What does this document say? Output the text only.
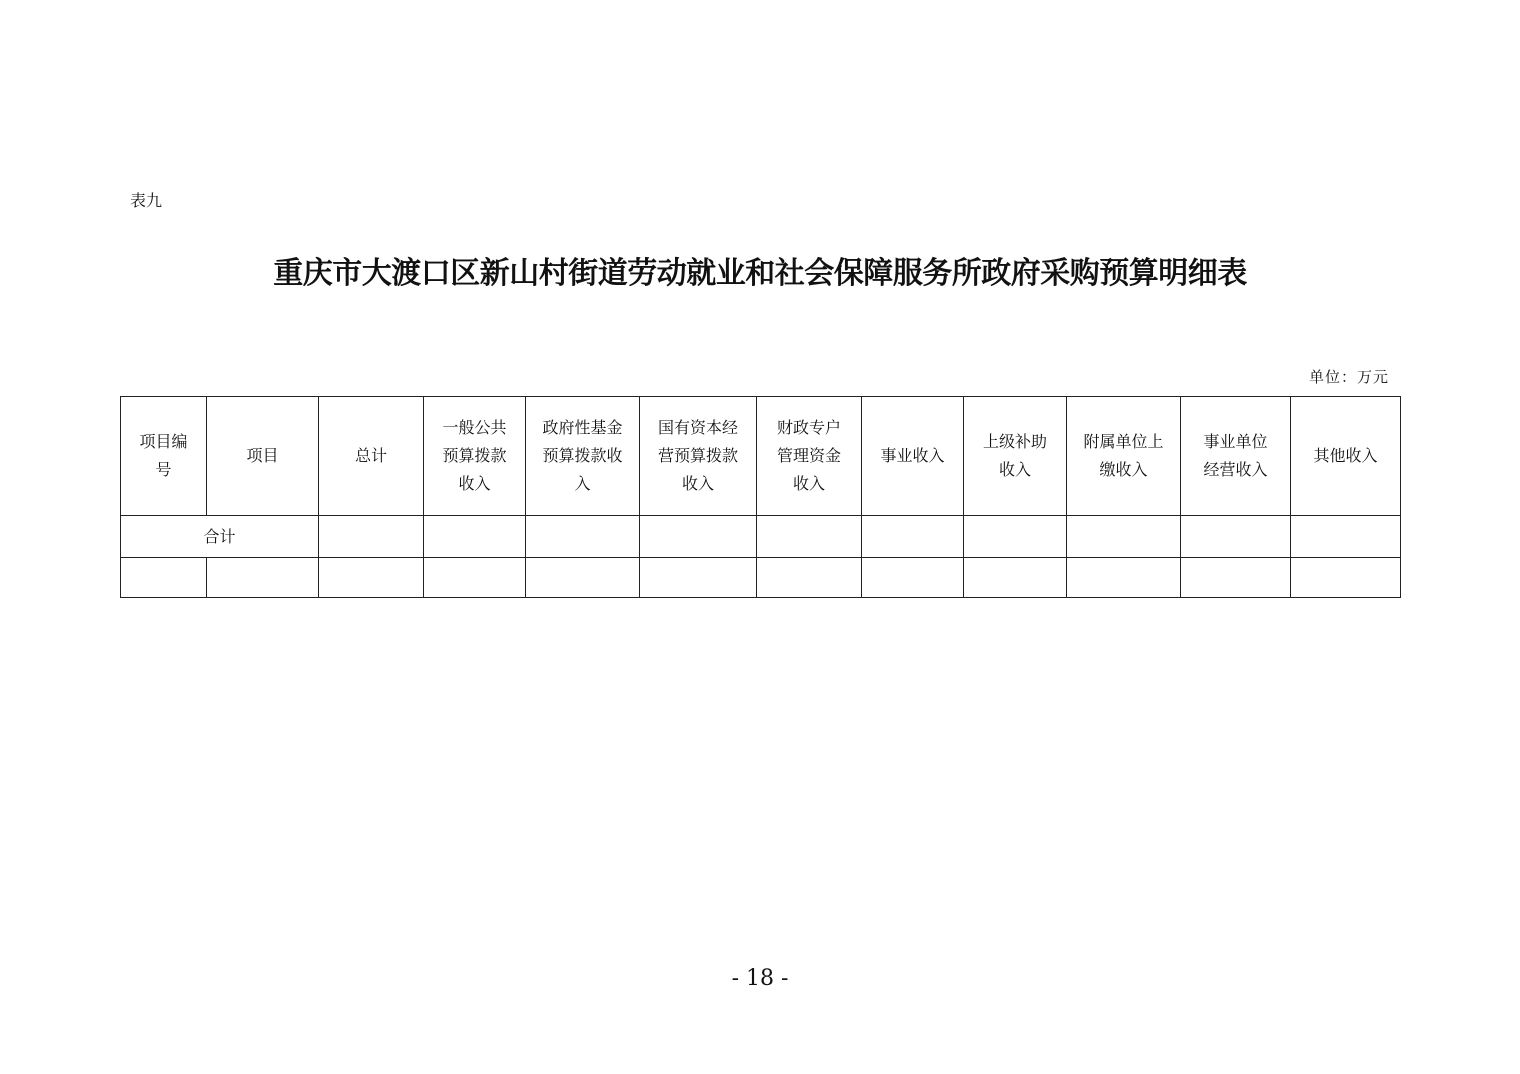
表九
重庆市大渡口区新山村街道劳动就业和社会保障服务所政府采购预算明细表
单位：万元
项目编号	项目	总计	一般公共预算拨款收入	政府性基金预算拨款收入	国有资本经营预算拨款收入	财政专户管理资金收入	事业收入	上级补助收入	附属单位上缴收入	事业单位经营收入	其他收入
合计											

- 18 -
